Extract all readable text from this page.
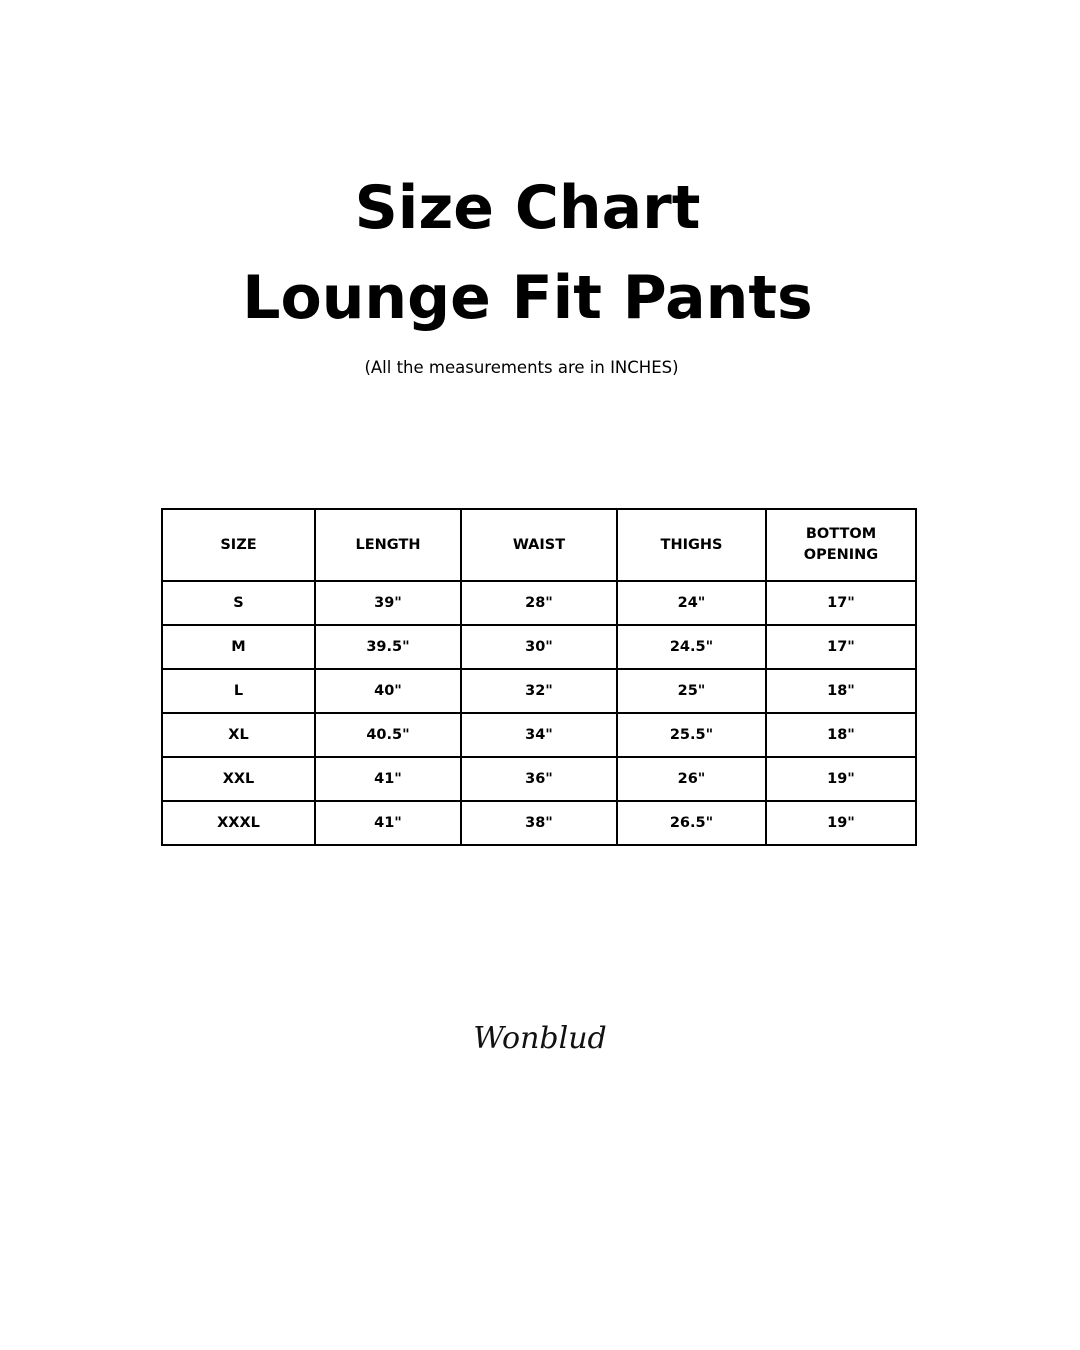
Size Chart
Lounge Fit Pants
(All the measurements are in INCHES)
SIZE	LENGTH	WAIST	THIGHS	BOTTOM OPENING
S	39"	28"	24"	17"
M	39.5"	30"	24.5"	17"
L	40"	32"	25"	18"
XL	40.5"	34"	25.5"	18"
XXL	41"	36"	26"	19"
XXXL	41"	38"	26.5"	19"
Wonblud
